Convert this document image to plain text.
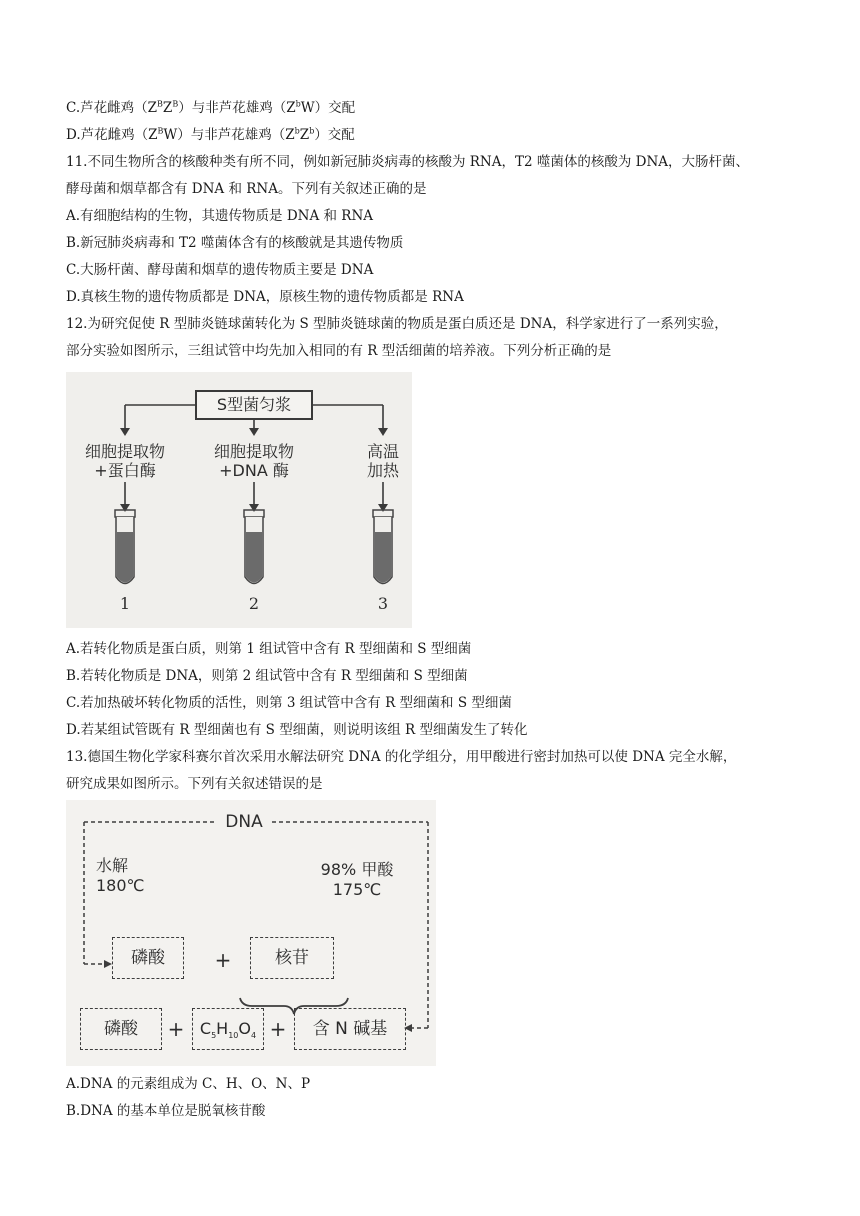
C.芦花雌鸡$(Z^BZ^B)$与非芦花雄鸡$(Z^bW)$交配
D.芦花雌鸡$(Z^BW)$与非芦花雄鸡$(Z^bZ^b)$交配
11.不同生物所含的核酸种类有所不同，例如新冠肺炎病毒的核酸为 RNA，T2 噬菌体的核酸为 DNA，大肠杆菌、
酵母菌和烟草都含有 DNA 和 RNA。下列有关叙述正确的是
A.有细胞结构的生物，其遗传物质是 DNA 和 RNA
B.新冠肺炎病毒和 T2 噬菌体含有的核酸就是其遗传物质
C.大肠杆菌、酵母菌和烟草的遗传物质主要是 DNA
D.真核生物的遗传物质都是 DNA，原核生物的遗传物质都是 RNA
12.为研究促使 R 型肺炎链球菌转化为 S 型肺炎链球菌的物质是蛋白质还是 DNA，科学家进行了一系列实验，
部分实验如图所示，三组试管中均先加入相同的有 R 型活细菌的培养液。下列分析正确的是
S型菌匀浆
细胞提取物
+蛋白酶
细胞提取物
+DNA 酶
高温
加热
1	2	3
A.若转化物质是蛋白质，则第 1 组试管中含有 R 型细菌和 S 型细菌
B.若转化物质是 DNA，则第 2 组试管中含有 R 型细菌和 S 型细菌
C.若加热破坏转化物质的活性，则第 3 组试管中含有 R 型细菌和 S 型细菌
D.若某组试管既有 R 型细菌也有 S 型细菌，则说明该组 R 型细菌发生了转化
13.德国生物化学家科赛尔首次采用水解法研究 DNA 的化学组分，用甲酸进行密封加热可以使 DNA 完全水解，
研究成果如图所示。下列有关叙述错误的是
DNA
水解
180℃
98% 甲酸
175℃
磷酸	+	核苷
磷酸	+ $C_5H_{10}O_4$ +	含 N 碱基
A.DNA 的元素组成为 C、H、O、N、P
B.DNA 的基本单位是脱氧核苷酸
